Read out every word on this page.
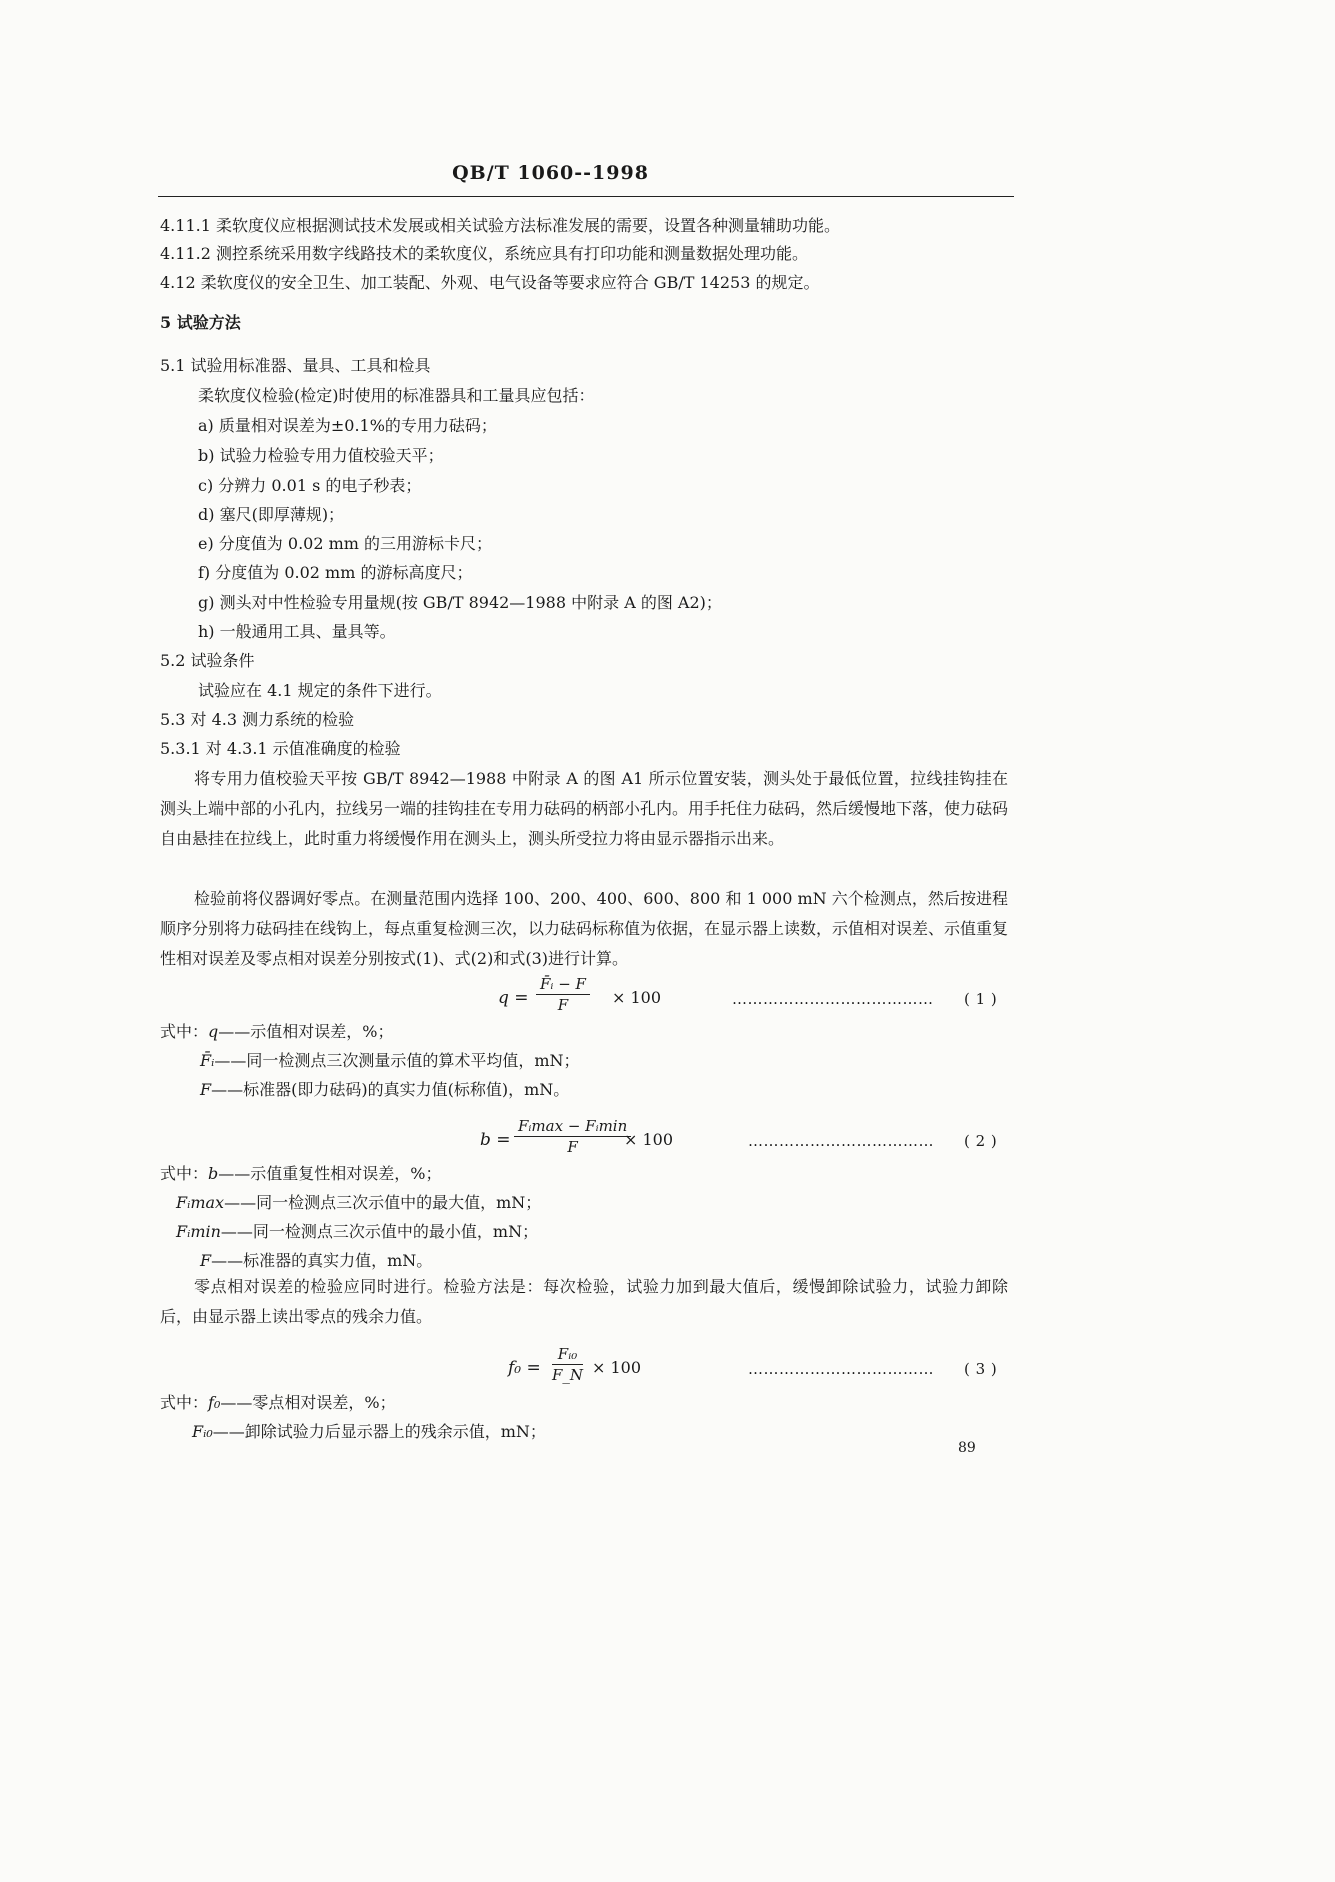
QB/T 1060--1998
4.11.1 柔软度仪应根据测试技术发展或相关试验方法标准发展的需要，设置各种测量辅助功能。
4.11.2 测控系统采用数字线路技术的柔软度仪，系统应具有打印功能和测量数据处理功能。
4.12 柔软度仪的安全卫生、加工装配、外观、电气设备等要求应符合 GB/T 14253 的规定。
5 试验方法
5.1 试验用标准器、量具、工具和检具
柔软度仪检验(检定)时使用的标准器具和工量具应包括：
a) 质量相对误差为±0.1%的专用力砝码；
b) 试验力检验专用力值校验天平；
c) 分辨力 0.01 s 的电子秒表；
d) 塞尺(即厚薄规)；
e) 分度值为 0.02 mm 的三用游标卡尺；
f) 分度值为 0.02 mm 的游标高度尺；
g) 测头对中性检验专用量规(按 GB/T 8942—1988 中附录 A 的图 A2)；
h) 一般通用工具、量具等。
5.2 试验条件
试验应在 4.1 规定的条件下进行。
5.3 对 4.3 测力系统的检验
5.3.1 对 4.3.1 示值准确度的检验
将专用力值校验天平按 GB/T 8942—1988 中附录 A 的图 A1 所示位置安装，测头处于最低位置，拉线挂钩挂在测头上端中部的小孔内，拉线另一端的挂钩挂在专用力砝码的柄部小孔内。用手托住力砝码，然后缓慢地下落，使力砝码自由悬挂在拉线上，此时重力将缓慢作用在测头上，测头所受拉力将由显示器指示出来。
检验前将仪器调好零点。在测量范围内选择 100、200、400、600、800 和 1 000 mN 六个检测点，然后按进程顺序分别将力砝码挂在线钩上，每点重复检测三次，以力砝码标称值为依据，在显示器上读数，示值相对误差、示值重复性相对误差及零点相对误差分别按式(1)、式(2)和式(3)进行计算。
$q = \frac{\text{F̄ᵢ − F}}{F} \times 100$	………………………………… ( 1 )
式中：q——示值相对误差，%；
F̄ᵢ——同一检测点三次测量示值的算术平均值，mN；
F——标准器(即力砝码)的真实力值(标称值)，mN。
b =
Fᵢmax − Fᵢmin
F	× 100	……………………………… ( 2 )
式中：b——示值重复性相对误差，%；
Fᵢmax——同一检测点三次示值中的最大值，mN；
Fᵢmin——同一检测点三次示值中的最小值，mN；
F——标准器的真实力值，mN。
零点相对误差的检验应同时进行。检验方法是：每次检验，试验力加到最大值后，缓慢卸除试验力，试验力卸除后，由显示器上读出零点的残余力值。
$f_0 = \frac{\text{Fᵢ₀}}{F\_N} \times 100$	……………………………… ( 3 )
式中：f₀——零点相对误差，%；
Fᵢ₀——卸除试验力后显示器上的残余示值，mN；
89
